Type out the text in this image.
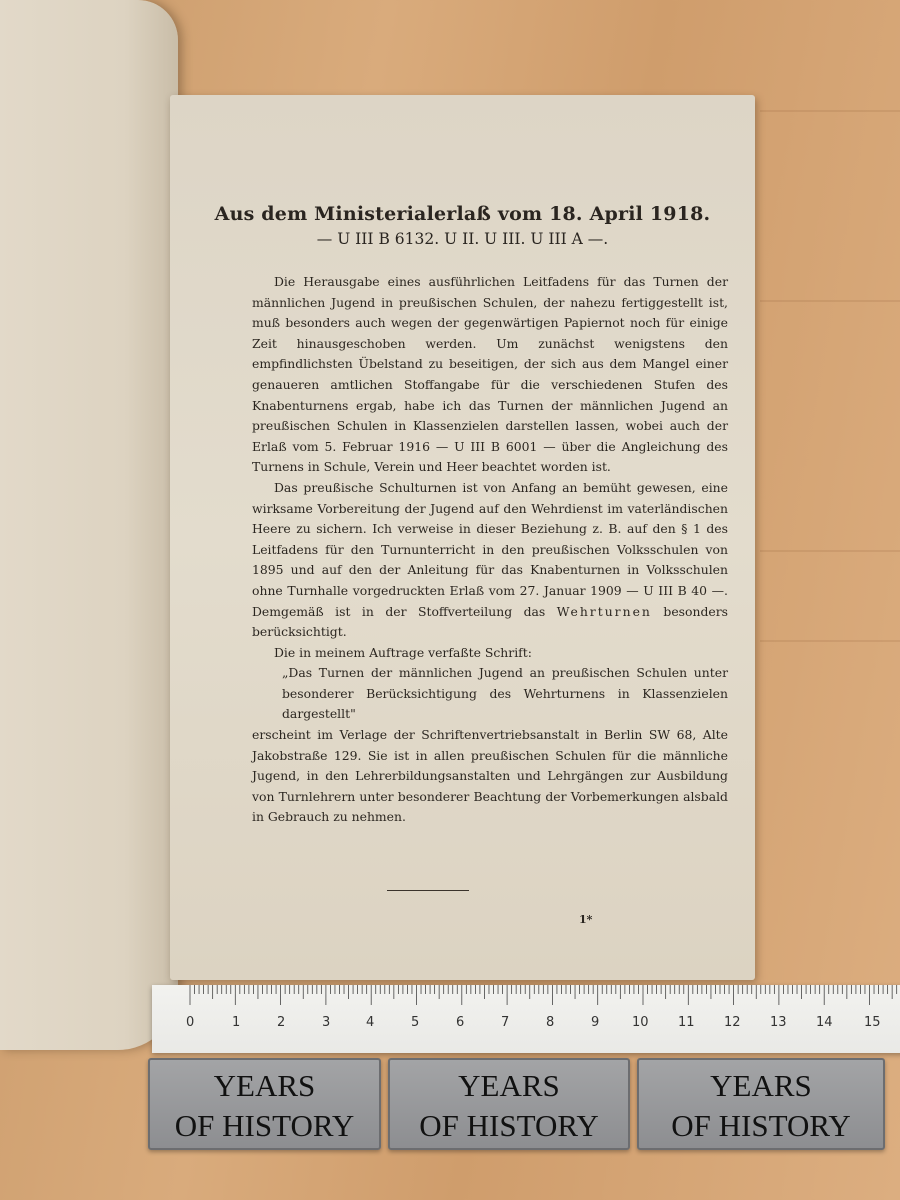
Aus dem Ministerialerlaß vom 18. April 1918.
— U III B 6132. U II. U III. U III A —.

Die Herausgabe eines ausführlichen Leitfadens für das Turnen der männlichen Jugend in preußischen Schulen, der nahezu fertiggestellt ist, muß besonders auch wegen der gegenwärtigen Papiernot noch für einige Zeit hinausgeschoben werden. Um zunächst wenigstens den empfindlichsten Übelstand zu beseitigen, der sich aus dem Mangel einer genaueren amtlichen Stoffangabe für die verschiedenen Stufen des Knabenturnens ergab, habe ich das Turnen der männlichen Jugend an preußischen Schulen in Klassenzielen darstellen lassen, wobei auch der Erlaß vom 5. Februar 1916 — U III B 6001 — über die Angleichung des Turnens in Schule, Verein und Heer beachtet worden ist.

Das preußische Schulturnen ist von Anfang an bemüht gewesen, eine wirksame Vorbereitung der Jugend auf den Wehrdienst im vaterländischen Heere zu sichern. Ich verweise in dieser Beziehung z. B. auf den § 1 des Leitfadens für den Turnunterricht in den preußischen Volksschulen von 1895 und auf den der Anleitung für das Knabenturnen in Volksschulen ohne Turnhalle vorgedruckten Erlaß vom 27. Januar 1909 — U III B 40 —. Demgemäß ist in der Stoffverteilung das Wehrturnen besonders berücksichtigt.

Die in meinem Auftrage verfaßte Schrift:

„Das Turnen der männlichen Jugend an preußischen Schulen unter besonderer Berücksichtigung des Wehrturnens in Klassenzielen dargestellt"

erscheint im Verlage der Schriftenvertriebsanstalt in Berlin SW 68, Alte Jakobstraße 129. Sie ist in allen preußischen Schulen für die männliche Jugend, in den Lehrerbildungsanstalten und Lehrgängen zur Ausbildung von Turnlehrern unter besonderer Beachtung der Vorbemerkungen alsbald in Gebrauch zu nehmen.

1*
0	1	2	3	4	5	6	7	8	9	10 11 12 13 14 15
YEARS
OF HISTORY
YEARS
OF HISTORY
YEARS
OF HISTORY
